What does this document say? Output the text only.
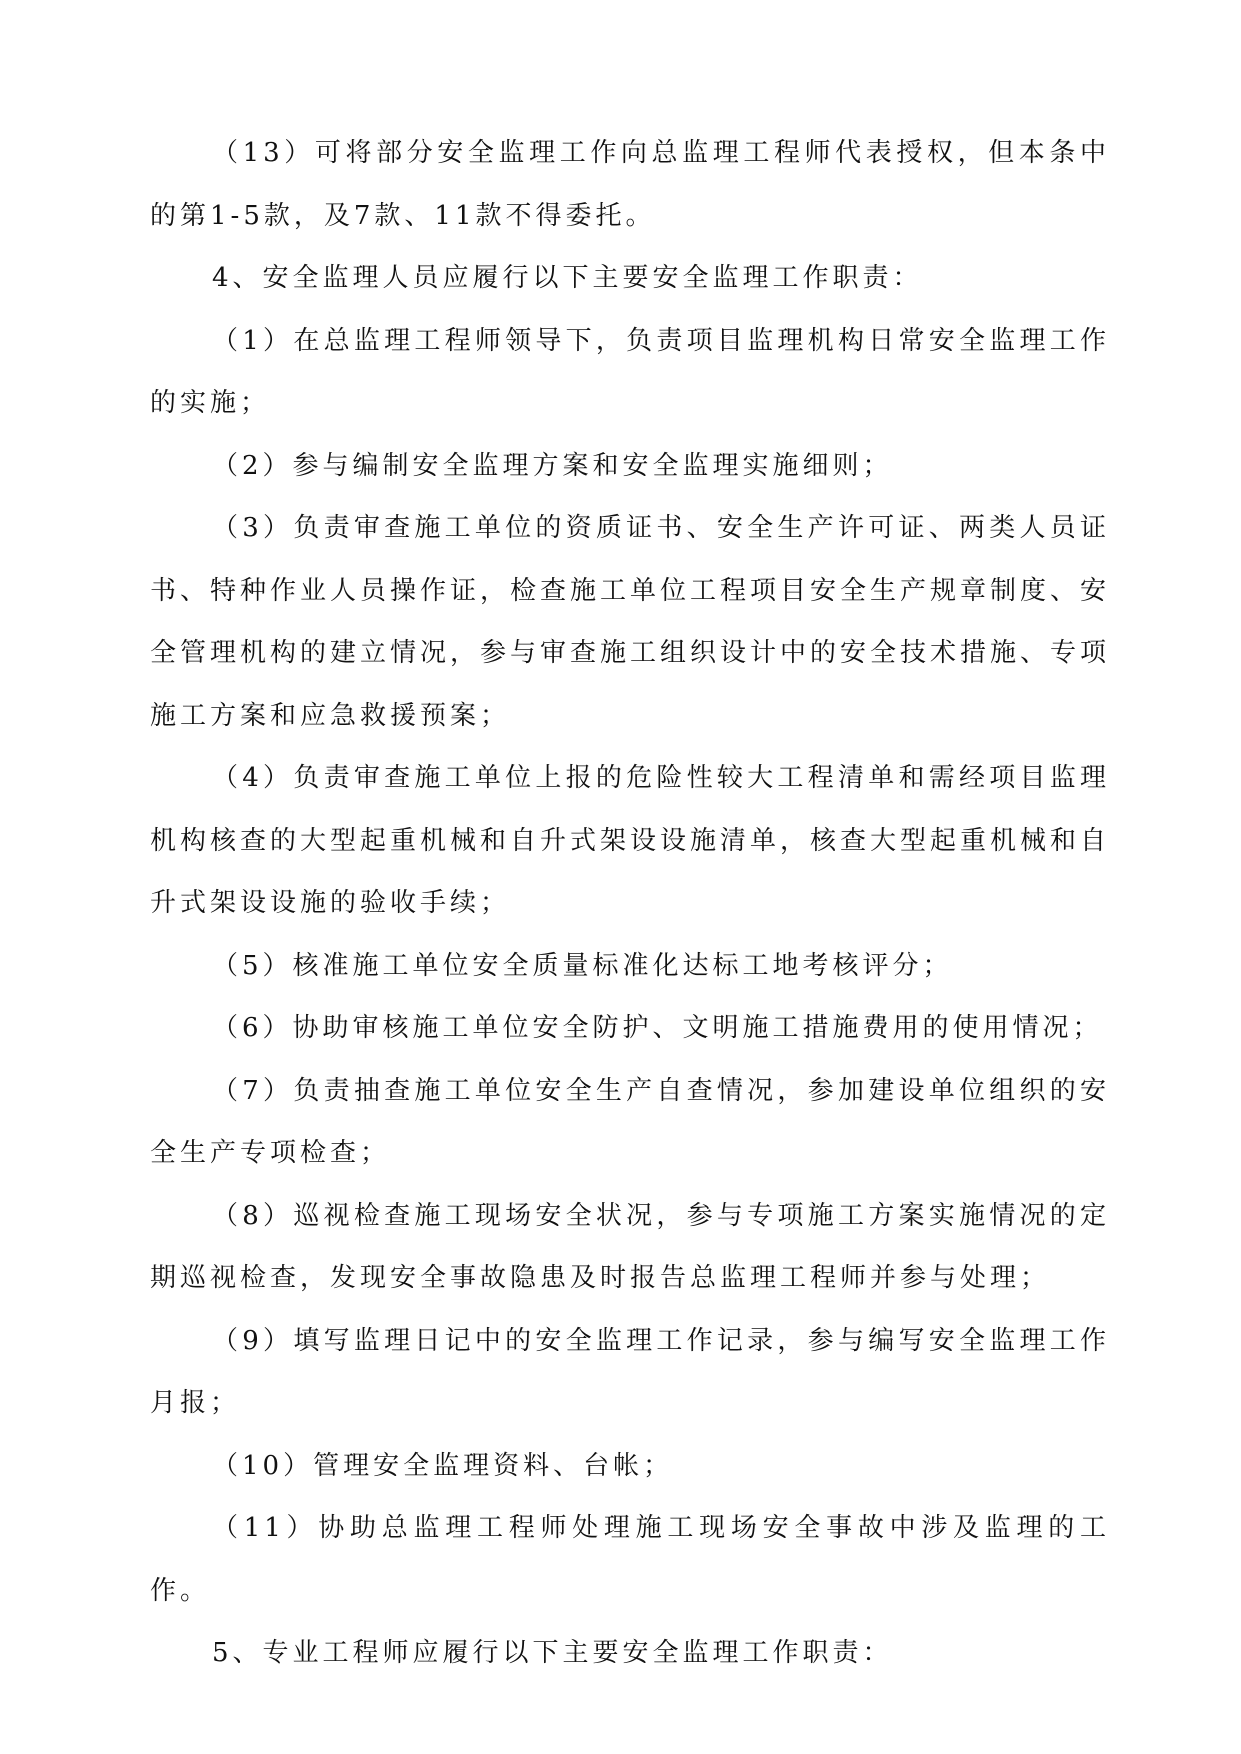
（13）可将部分安全监理工作向总监理工程师代表授权，但本条中的第1-5款，及7款、11款不得委托。

4、安全监理人员应履行以下主要安全监理工作职责：

（1）在总监理工程师领导下，负责项目监理机构日常安全监理工作的实施；

（2）参与编制安全监理方案和安全监理实施细则；

（3）负责审查施工单位的资质证书、安全生产许可证、两类人员证书、特种作业人员操作证，检查施工单位工程项目安全生产规章制度、安全管理机构的建立情况，参与审查施工组织设计中的安全技术措施、专项施工方案和应急救援预案；

（4）负责审查施工单位上报的危险性较大工程清单和需经项目监理机构核查的大型起重机械和自升式架设设施清单，核查大型起重机械和自升式架设设施的验收手续；

（5）核准施工单位安全质量标准化达标工地考核评分；

（6）协助审核施工单位安全防护、文明施工措施费用的使用情况；

（7）负责抽查施工单位安全生产自查情况，参加建设单位组织的安全生产专项检查；

（8）巡视检查施工现场安全状况，参与专项施工方案实施情况的定期巡视检查，发现安全事故隐患及时报告总监理工程师并参与处理；

（9）填写监理日记中的安全监理工作记录，参与编写安全监理工作月报；

（10）管理安全监理资料、台帐；

（11）协助总监理工程师处理施工现场安全事故中涉及监理的工作。

5、专业工程师应履行以下主要安全监理工作职责：
